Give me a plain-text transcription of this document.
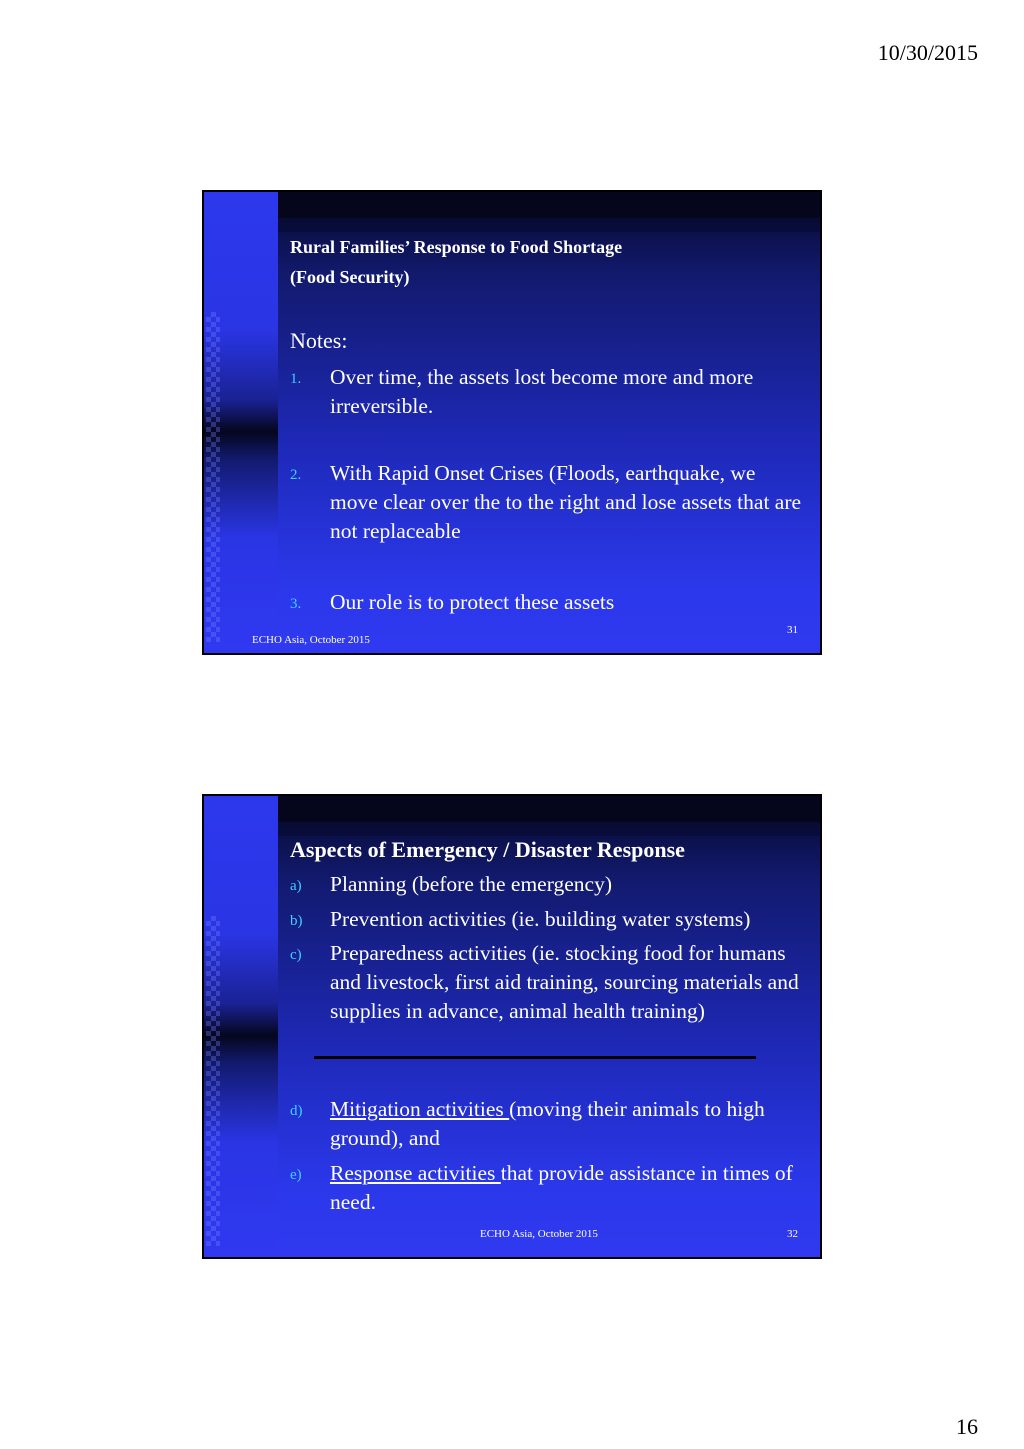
10/30/2015
Rural Families’ Response to Food Shortage
(Food Security)
Notes:
1. Over time, the assets lost become more and more irreversible.
2. With Rapid Onset Crises (Floods, earthquake, we move clear over the to the right and lose assets that are not replaceable
3. Our role is to protect these assets
ECHO Asia, October 2015
31
Aspects of Emergency / Disaster Response
a) Planning (before the emergency)
b) Prevention activities (ie. building water systems)
c) Preparedness activities (ie. stocking food for humans and livestock, first aid training, sourcing materials and supplies in advance, animal health training)
d) Mitigation activities (moving their animals to high ground), and
e) Response activities that provide assistance in times of need.
ECHO Asia, October 2015	32
16
